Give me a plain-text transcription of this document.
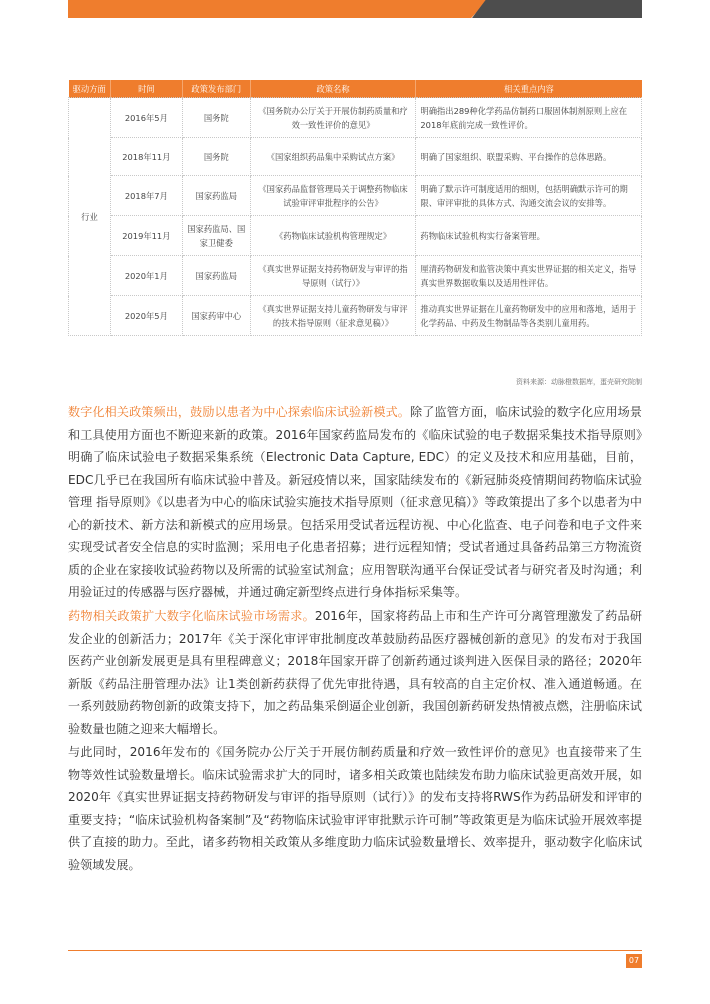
驱动方面	时间	政策发布部门	政策名称	相关重点内容
行业	2016年5月	国务院	《国务院办公厅关于开展仿制药质量和疗效一致性评价的意见》	明确指出289种化学药品仿制药口服固体制剂原则上应在2018年底前完成一致性评价。
	2018年11月	国务院	《国家组织药品集中采购试点方案》	明确了国家组织、联盟采购、平台操作的总体思路。
	2018年7月	国家药监局	《国家药品监督管理局关于调整药物临床试验审评审批程序的公告》	明确了默示许可制度适用的细则，包括明确默示许可的期限、审评审批的具体方式、沟通交流会议的安排等。
	2019年11月	国家药监局、国家卫健委	《药物临床试验机构管理规定》	药物临床试验机构实行备案管理。
	2020年1月	国家药监局	《真实世界证据支持药物研发与审评的指导原则（试行）》	厘清药物研发和监管决策中真实世界证据的相关定义，指导真实世界数据收集以及适用性评估。
	2020年5月	国家药审中心	《真实世界证据支持儿童药物研发与审评的技术指导原则（征求意见稿）》	推动真实世界证据在儿童药物研发中的应用和落地，适用于化学药品、中药及生物制品等各类别儿童用药。
资料来源：动脉橙数据库，蛋壳研究院制

数字化相关政策频出，鼓励以患者为中心探索临床试验新模式。除了监管方面，临床试验的数字化应用场景和工具使用方面也不断迎来新的政策。2016年国家药监局发布的《临床试验的电子数据采集技术指导原则》明确了临床试验电子数据采集系统（Electronic Data Capture, EDC）的定义及技术和应用基础，目前，EDC几乎已在我国所有临床试验中普及。新冠疫情以来，国家陆续发布的《新冠肺炎疫情期间药物临床试验管理 指导原则》《以患者为中心的临床试验实施技术指导原则（征求意见稿）》等政策提出了多个以患者为中心的新技术、新方法和新模式的应用场景。包括采用受试者远程访视、中心化监查、电子问卷和电子文件来实现受试者安全信息的实时监测；采用电子化患者招募；进行远程知情；受试者通过具备药品第三方物流资质的企业在家接收试验药物以及所需的试验室试剂盒；应用智联沟通平台保证受试者与研究者及时沟通；利用验证过的传感器与医疗器械，并通过确定新型终点进行身体指标采集等。

药物相关政策扩大数字化临床试验市场需求。2016年，国家将药品上市和生产许可分离管理激发了药品研发企业的创新活力；2017年《关于深化审评审批制度改革鼓励药品医疗器械创新的意见》的发布对于我国医药产业创新发展更是具有里程碑意义；2018年国家开辟了创新药通过谈判进入医保目录的路径；2020年新版《药品注册管理办法》让1类创新药获得了优先审批待遇，具有较高的自主定价权、准入通道畅通。在一系列鼓励药物创新的政策支持下，加之药品集采倒逼企业创新，我国创新药研发热情被点燃，注册临床试验数量也随之迎来大幅增长。

与此同时，2016年发布的《国务院办公厅关于开展仿制药质量和疗效一致性评价的意见》也直接带来了生物等效性试验数量增长。临床试验需求扩大的同时，诸多相关政策也陆续发布助力临床试验更高效开展，如2020年《真实世界证据支持药物研发与审评的指导原则（试行）》的发布支持将RWS作为药品研发和评审的重要支持；“临床试验机构备案制”及“药物临床试验审评审批默示许可制”等政策更是为临床试验开展效率提供了直接的助力。至此，诸多药物相关政策从多维度助力临床试验数量增长、效率提升，驱动数字化临床试验领域发展。

07
